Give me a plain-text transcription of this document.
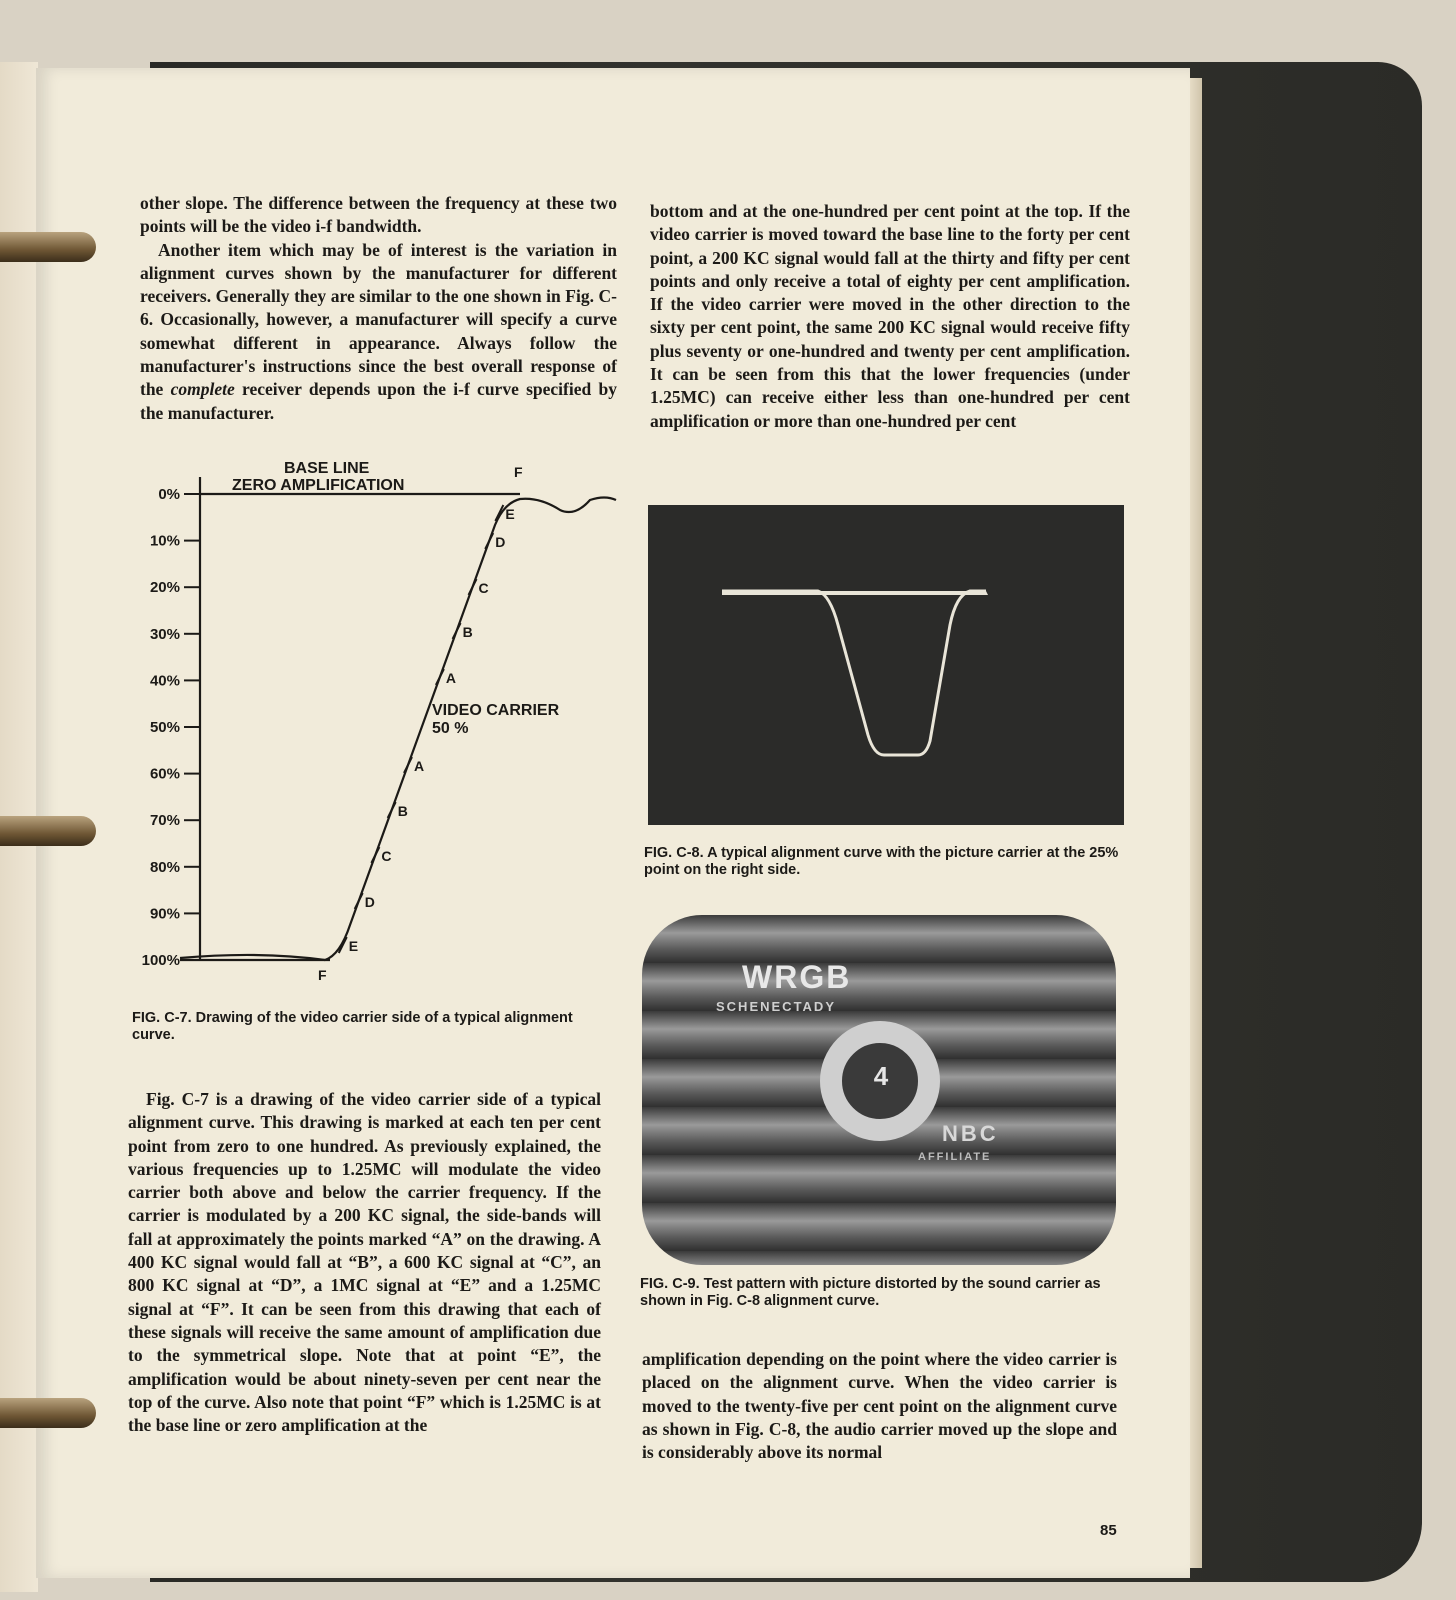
other slope. The difference between the frequency at these two points will be the video i-f bandwidth.

Another item which may be of interest is the variation in alignment curves shown by the manufacturer for different receivers. Generally they are similar to the one shown in Fig. C-6. Occasionally, however, a manufacturer will specify a curve somewhat different in appearance. Always follow the manufacturer's instructions since the best overall response of the complete receiver depends upon the i-f curve specified by the manufacturer.

BASE LINE
ZERO AMPLIFICATION
VIDEO CARRIER
50 %
0%
10%
20%
30%
40%
50%
60%
70%
80%
90%
100%
F
E
D
C
B
A
A
B
C
D
E
F
FIG. C-7. Drawing of the video carrier side of a typical alignment curve.

Fig. C-7 is a drawing of the video carrier side of a typical alignment curve. This drawing is marked at each ten per cent point from zero to one hundred. As previously explained, the various frequencies up to 1.25MC will modulate the video carrier both above and below the carrier frequency. If the carrier is modulated by a 200 KC signal, the side-bands will fall at approximately the points marked “A” on the drawing. A 400 KC signal would fall at “B”, a 600 KC signal at “C”, an 800 KC signal at “D”, a 1MC signal at “E” and a 1.25MC signal at “F”. It can be seen from this drawing that each of these signals will receive the same amount of amplification due to the symmetrical slope. Note that at point “E”, the amplification would be about ninety-seven per cent near the top of the curve. Also note that point “F” which is 1.25MC is at the base line or zero amplification at the

bottom and at the one-hundred per cent point at the top. If the video carrier is moved toward the base line to the forty per cent point, a 200 KC signal would fall at the thirty and fifty per cent points and only receive a total of eighty per cent amplification. If the video carrier were moved in the other direction to the sixty per cent point, the same 200 KC signal would receive fifty plus seventy or one-hundred and twenty per cent amplification. It can be seen from this that the lower frequencies (under 1.25MC) can receive either less than one-hundred per cent amplification or more than one-hundred per cent

FIG. C-8. A typical alignment curve with the picture carrier at the 25% point on the right side.
WRGB
SCHENECTADY
4
NBC
AFFILIATE
FIG. C-9. Test pattern with picture distorted by the sound carrier as shown in Fig. C-8 alignment curve.

amplification depending on the point where the video carrier is placed on the alignment curve. When the video carrier is moved to the twenty-five per cent point on the alignment curve as shown in Fig. C-8, the audio carrier moved up the slope and is considerably above its normal

85
